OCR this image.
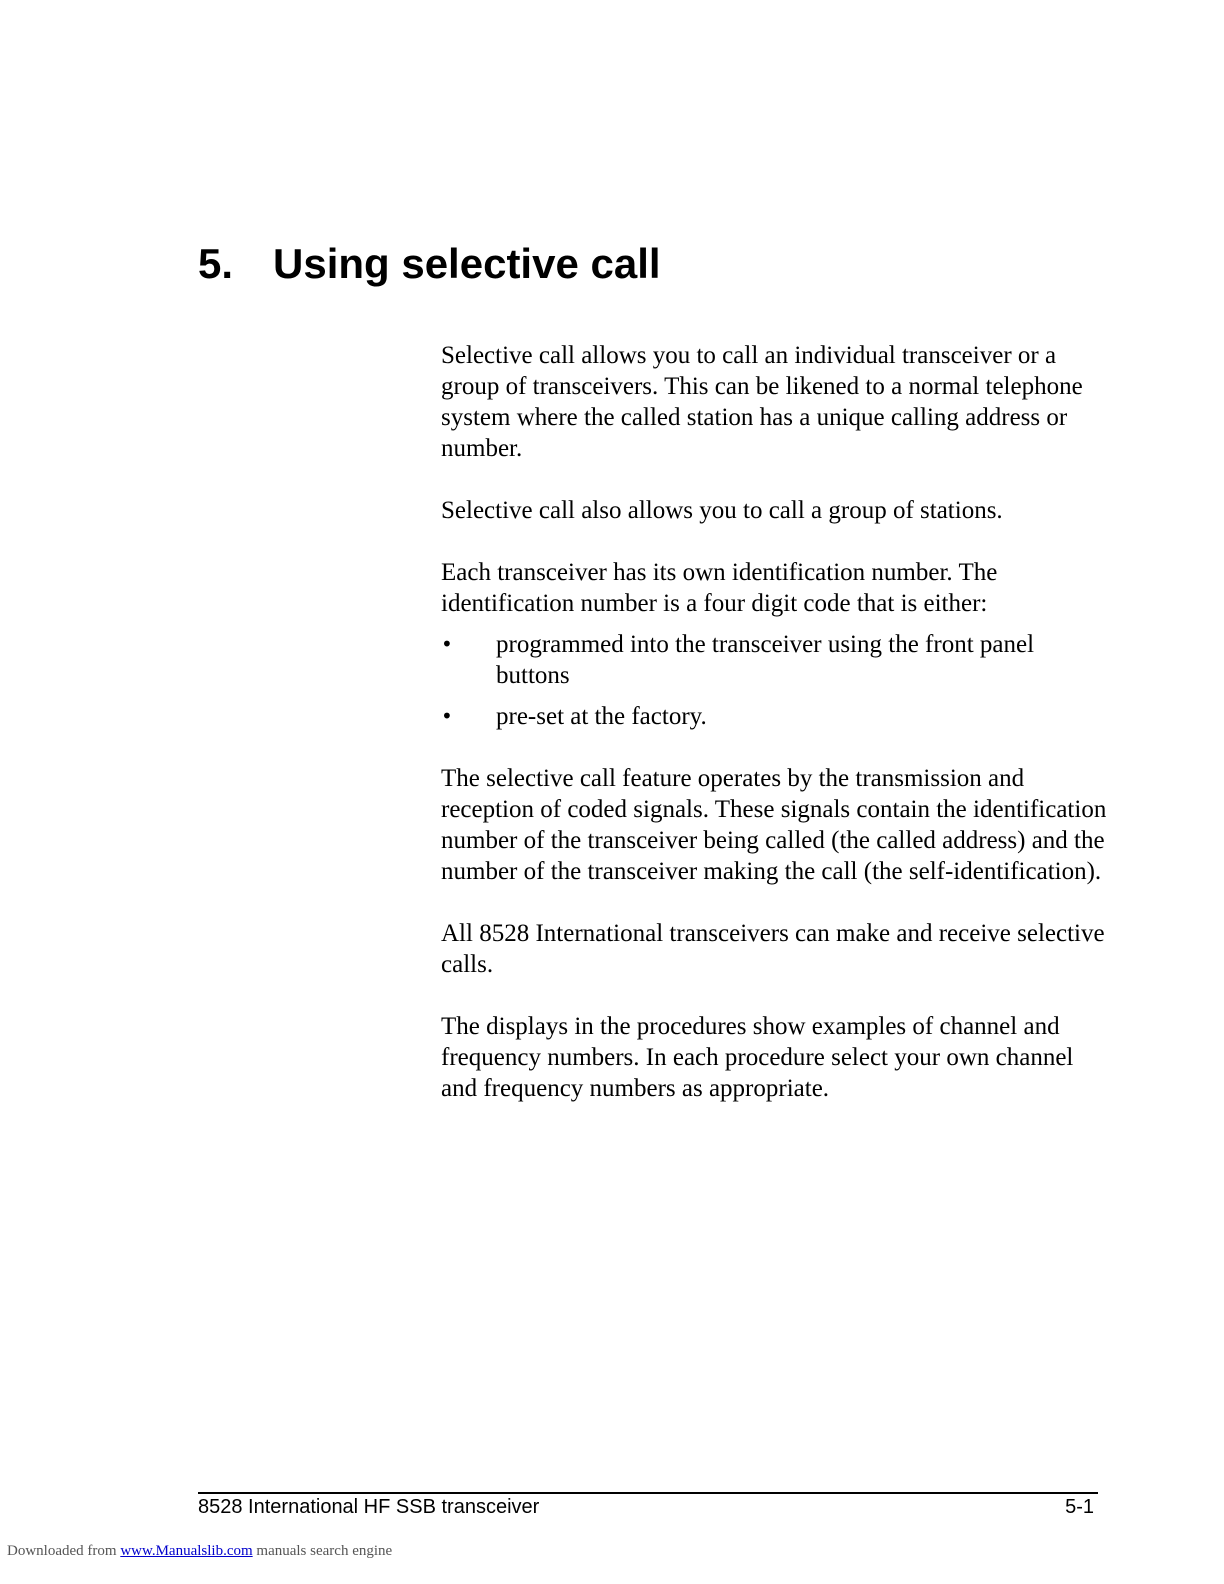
5. Using selective call

Selective call allows you to call an individual transceiver or a group of transceivers. This can be likened to a normal telephone system where the called station has a unique calling address or number.

Selective call also allows you to call a group of stations.

Each transceiver has its own identification number. The identification number is a four digit code that is either:

• programmed into the transceiver using the front panel buttons
• pre-set at the factory.

The selective call feature operates by the transmission and reception of coded signals. These signals contain the identification number of the transceiver being called (the called address) and the number of the transceiver making the call (the self-identification).

All 8528 International transceivers can make and receive selective calls.

The displays in the procedures show examples of channel and frequency numbers. In each procedure select your own channel and frequency numbers as appropriate.

8528 International HF SSB transceiver	5-1
Downloaded from www.Manualslib.com manuals search engine
